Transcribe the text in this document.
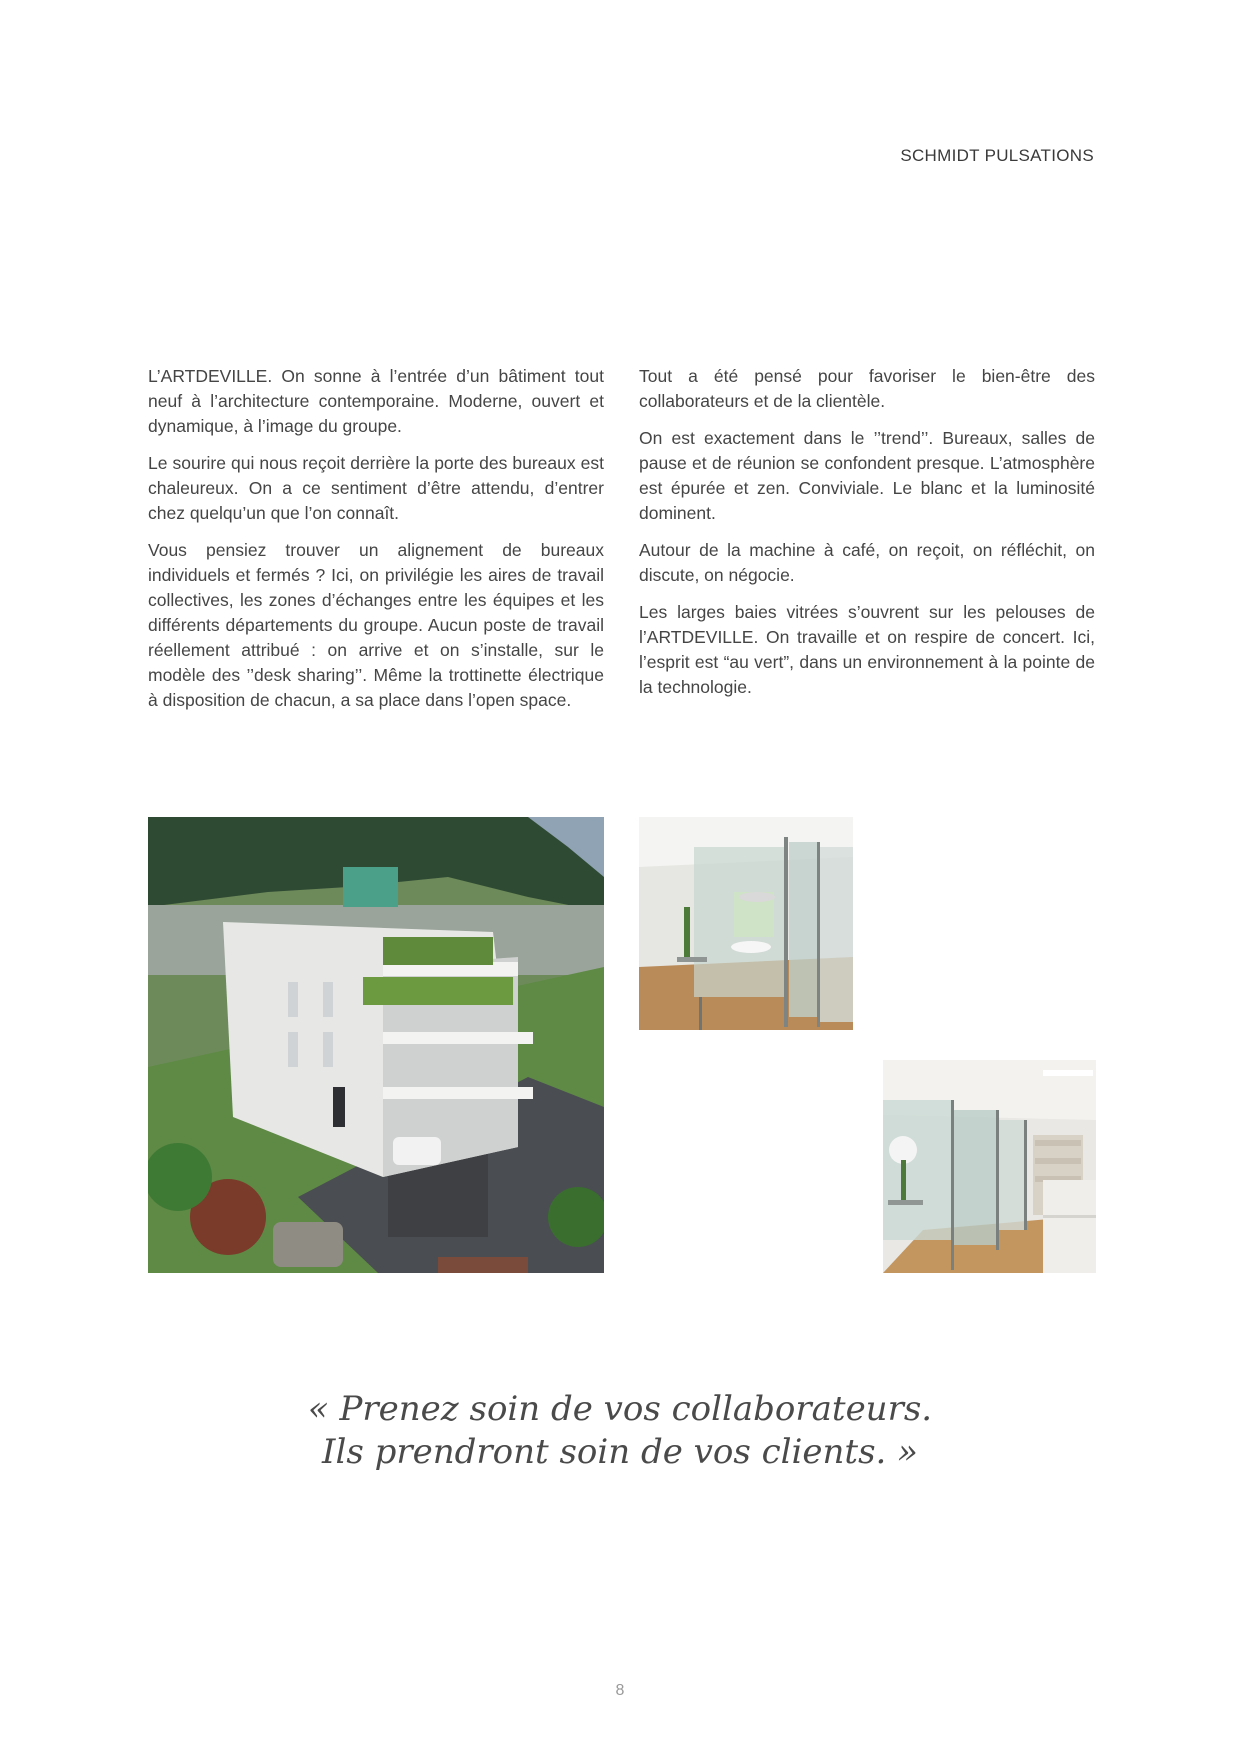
SCHMIDT PULSATIONS

L’ARTDEVILLE. On sonne à l’entrée d’un bâtiment tout neuf à l’architecture contemporaine. Moderne, ouvert et dynamique, à l’image du groupe.

Le sourire qui nous reçoit derrière la porte des bureaux est chaleureux. On a ce sentiment d’être attendu, d’entrer chez quelqu’un que l’on connaît.

Vous pensiez trouver un alignement de bureaux individuels et fermés ? Ici, on privilégie les aires de travail collectives, les zones d’échanges entre les équipes et les différents départements du groupe. Aucun poste de travail réellement attribué : on arrive et on s’installe, sur le modèle des ’’desk sharing’’. Même la trottinette électrique à disposition de chacun, a sa place dans l’open space.

Tout a été pensé pour favoriser le bien-être des collaborateurs et de la clientèle.

On est exactement dans le ’’trend’’. Bureaux, salles de pause et de réunion se confondent presque. L’atmosphère est épurée et zen. Conviviale. Le blanc et la luminosité dominent.

Autour de la machine à café, on reçoit, on réfléchit, on discute, on négocie.

Les larges baies vitrées s’ouvrent sur les pelouses de l’ARTDEVILLE. On travaille et on respire de concert. Ici, l’esprit est “au vert”, dans un environnement à la pointe de la technologie.

« Prenez soin de vos collaborateurs.
Ils prendront soin de vos clients. »
8
